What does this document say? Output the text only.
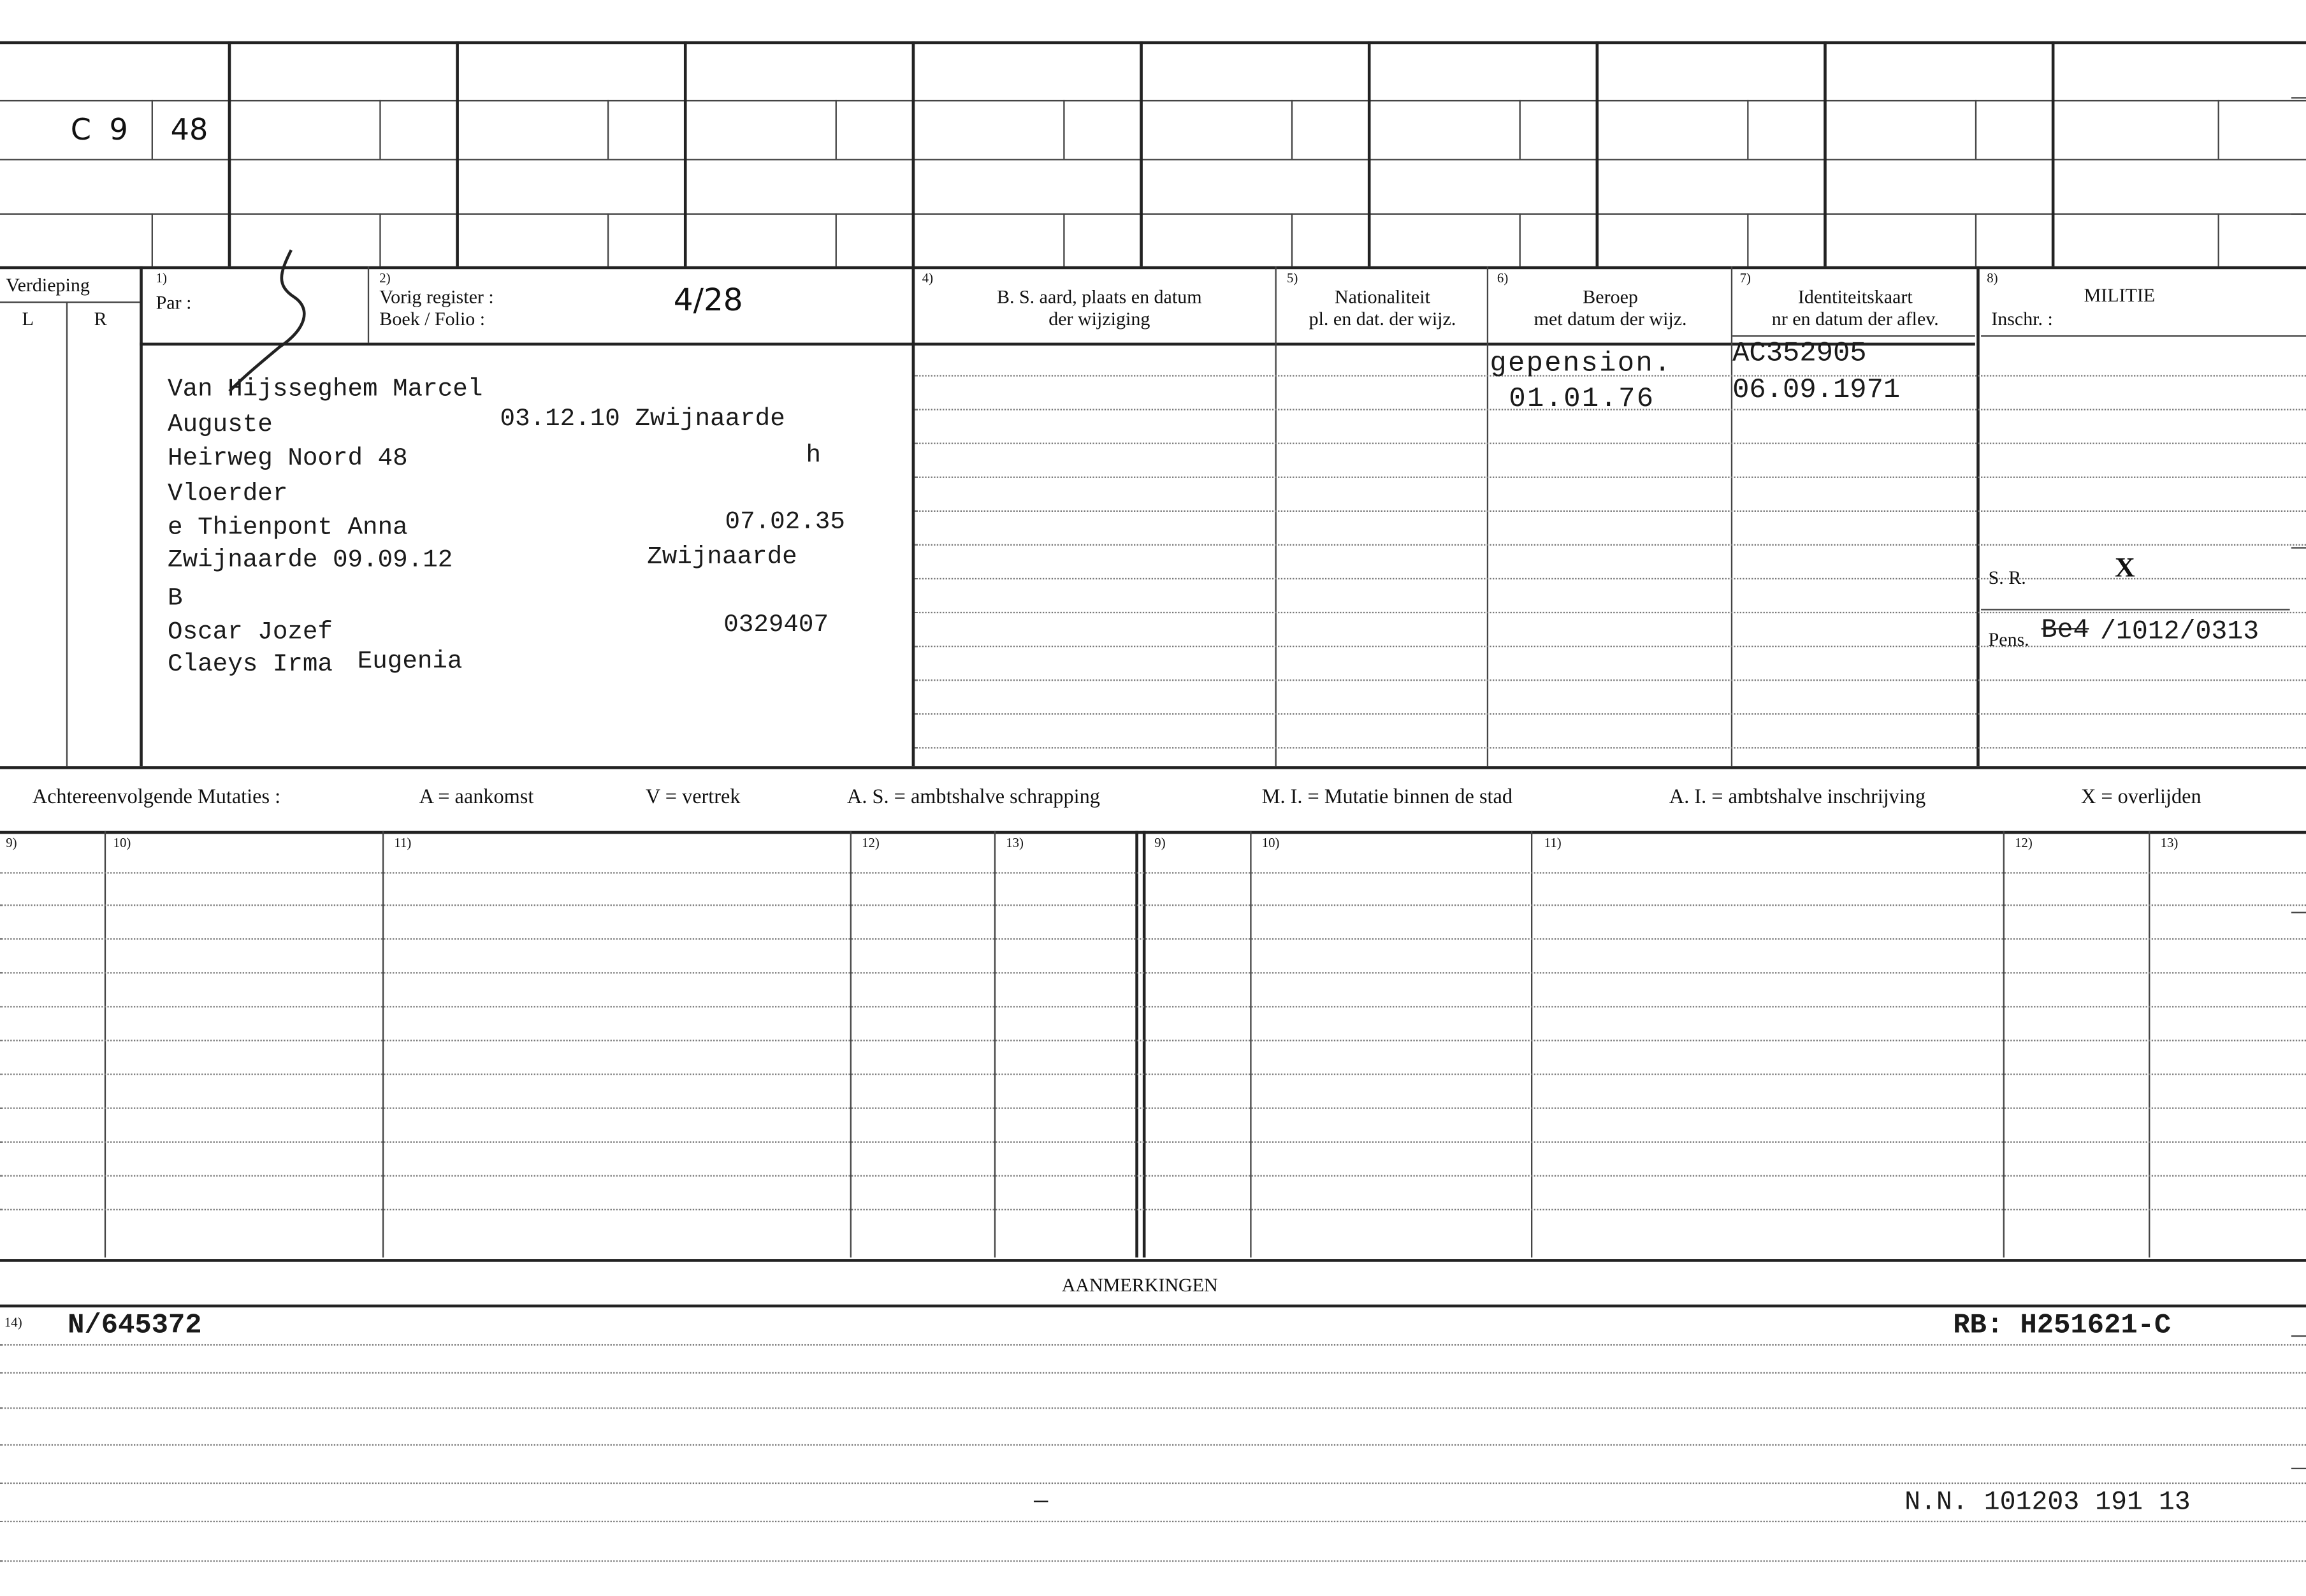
C 9	48
Verdieping
L	R
1)
Par :
2)
Vorig register :
Boek / Folio :
4/28
4)
B. S. aard, plaats en datum
der wijziging
5)
Nationaliteit
pl. en dat. der wijz.
6)
Beroep
met datum der wijz.
7)
Identiteitskaart
nr en datum der aflev.
8)
MILITIE
Inschr. :
Van Hijsseghem Marcel
Auguste	03.12.10 Zwijnaarde
Heirweg Noord 48	h
Vloerder
e Thienpont Anna	07.02.35
Zwijnaarde 09.09.12	Zwijnaarde
B
Oscar Jozef	0329407
Claeys Irma Eugenia
gepension.
01.01.76
AC352905
06.09.1971
S. R.	X
Pens. Be4 /1012/0313
Achtereenvolgende Mutaties :	A = aankomst	V = vertrek	A. S. = ambtshalve schrapping	M. I. = Mutatie binnen de stad	A. I. = ambtshalve inschrijving	X = overlijden
9)	10)	11)	12)	13)	9)	10)	11)	12)	13)
AANMERKINGEN
14)	N/645372	RB: H251621-C
—	N.N. 101203 191 13
